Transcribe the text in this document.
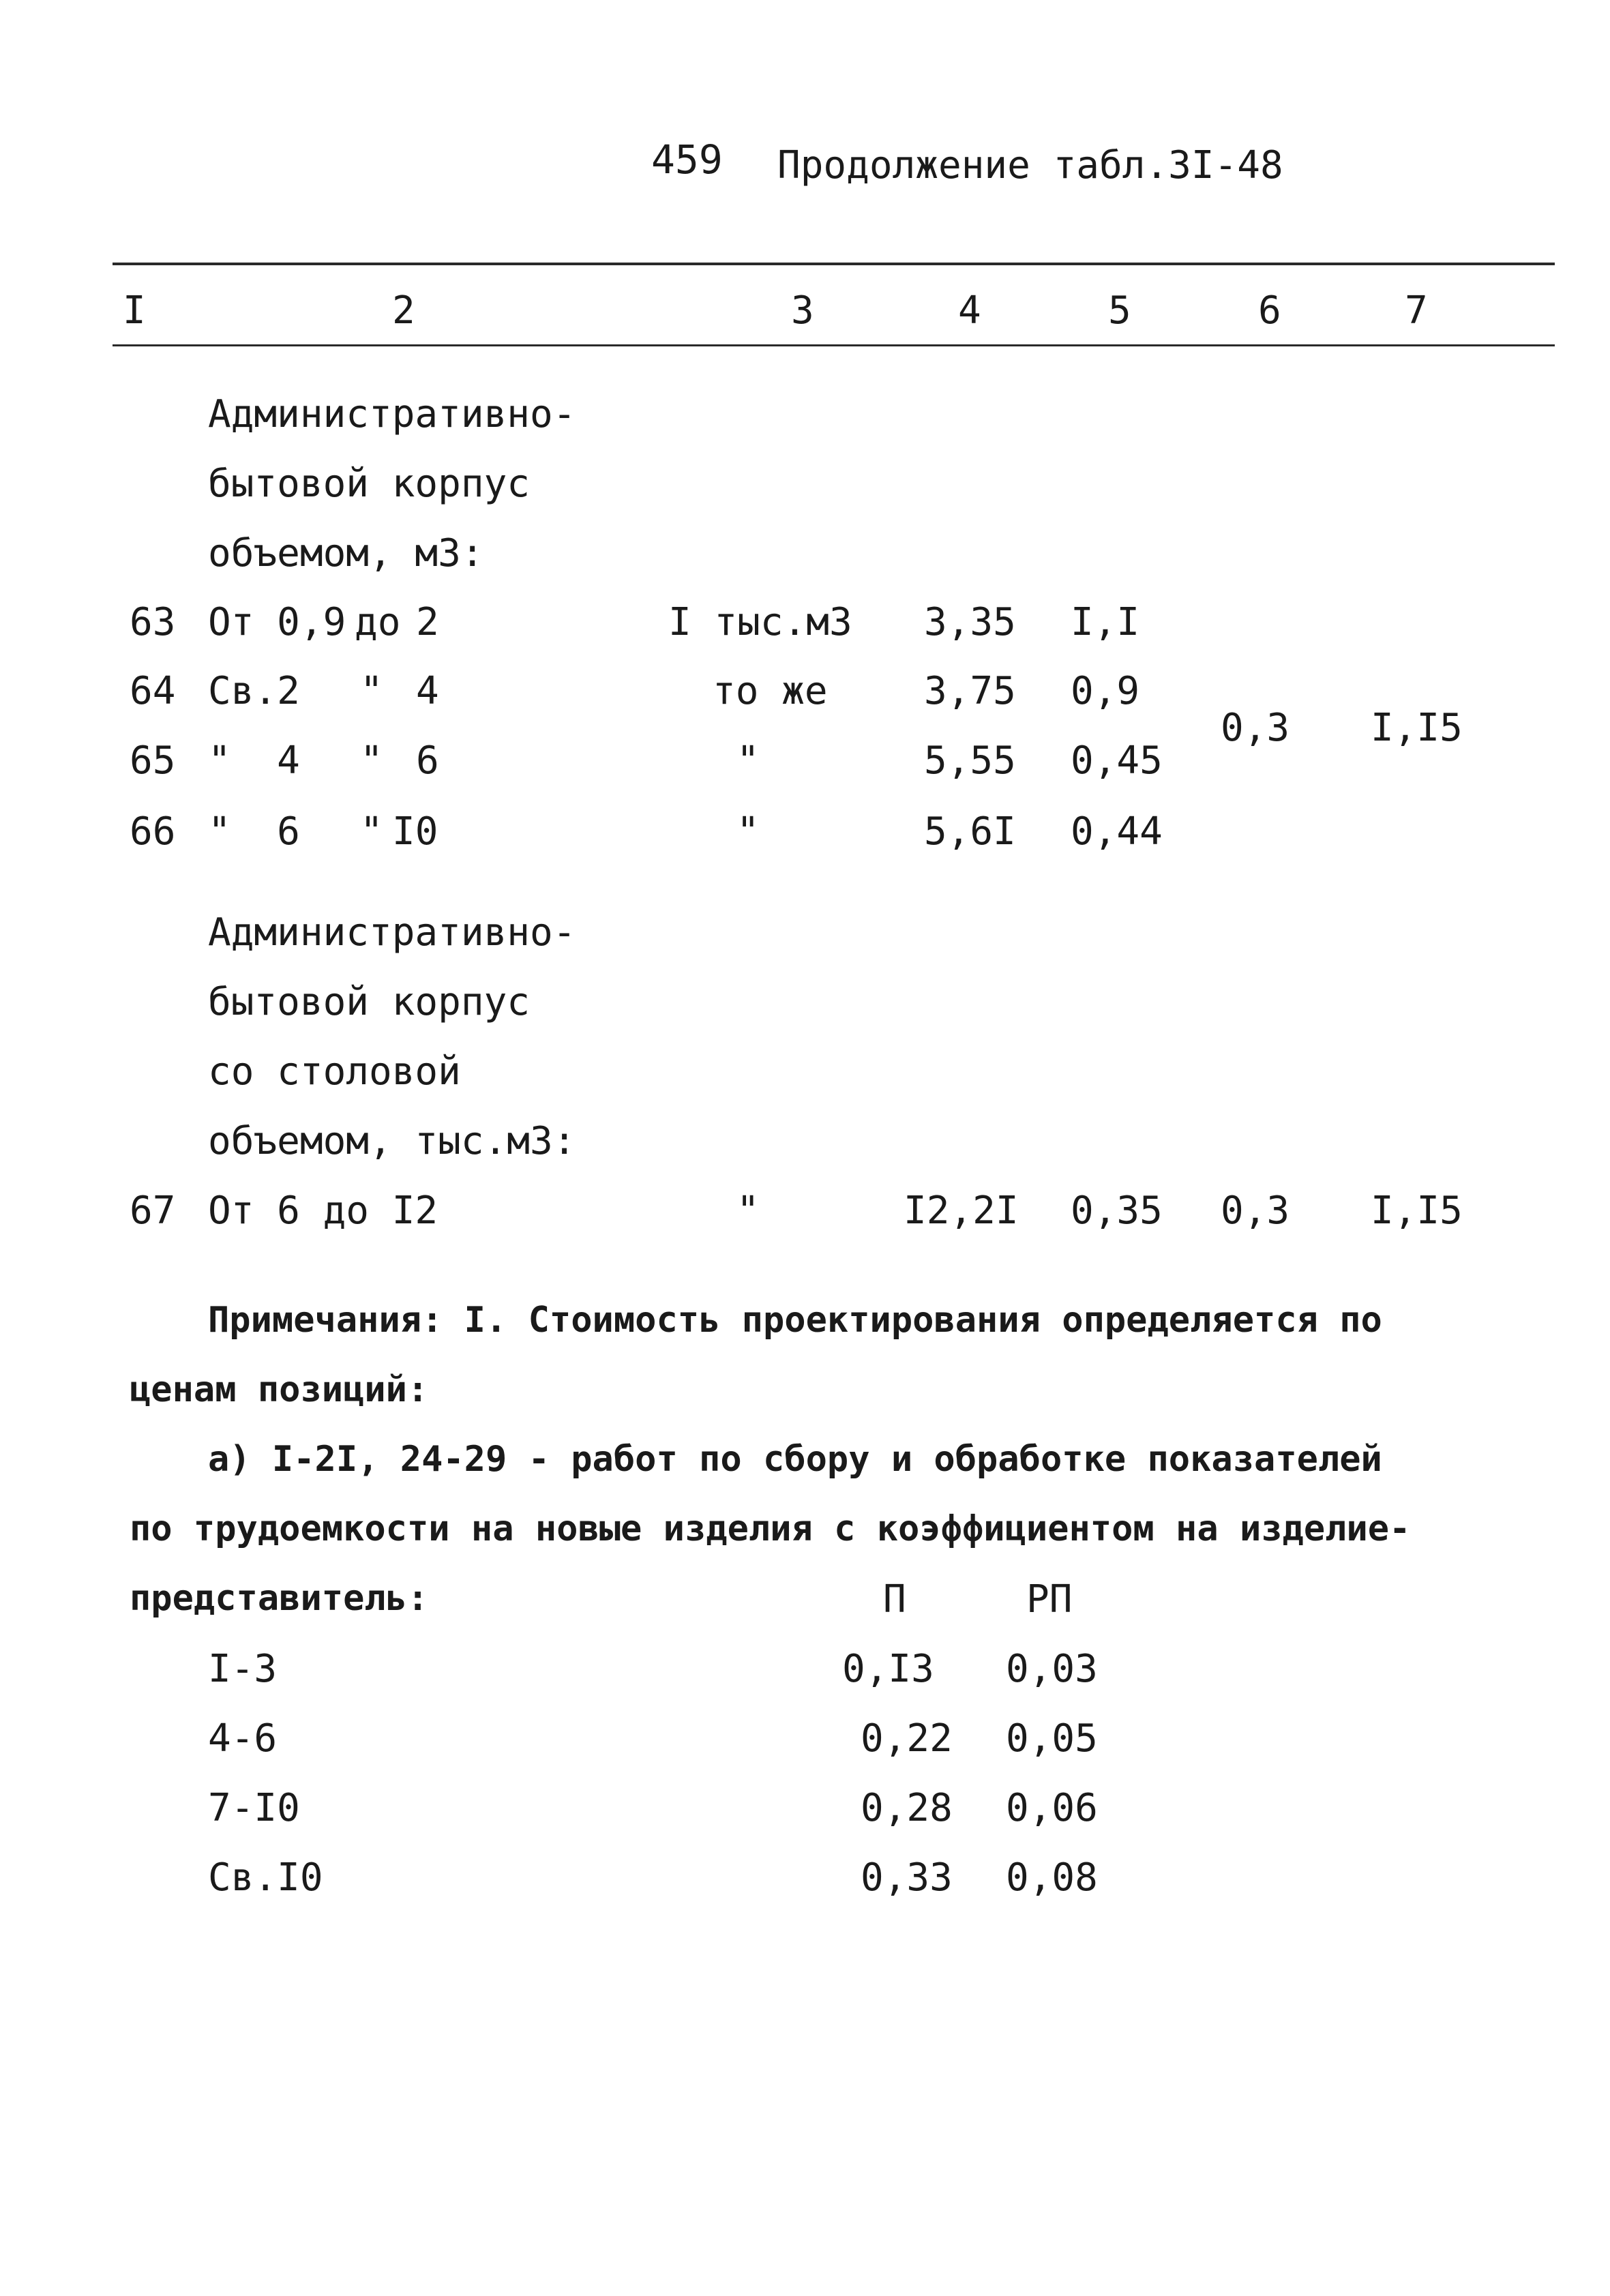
459 Продолжение табл.3I-48
I	2	3	4	5	6	7
Административно-
бытовой корпус
объемом, м3:
63 От 0,9 до 2	I тыс.м3 3,35 I,I
64 Св.2 " 4	то же	3,75 0,9
65 "  4 " 6	"	5,55 0,45
66 "  6 " I0	"	5,6I 0,44
0,3 I,I5
Административно-
бытовой корпус
со столовой
объемом, тыс.м3:
67 От 6 до I2	"	I2,2I 0,35 0,3 I,I5
Примечания: I. Стоимость проектирования определяется по
ценам позиций:
а) I-2I, 24-29 - работ по сбору и обработке показателей
по трудоемкости на новые изделия с коэффициентом на изделие-
представитель:	П	РП
I-3	0,I3 0,03
4-6	0,22 0,05
7-I0	0,28 0,06
Св.I0	0,33 0,08
